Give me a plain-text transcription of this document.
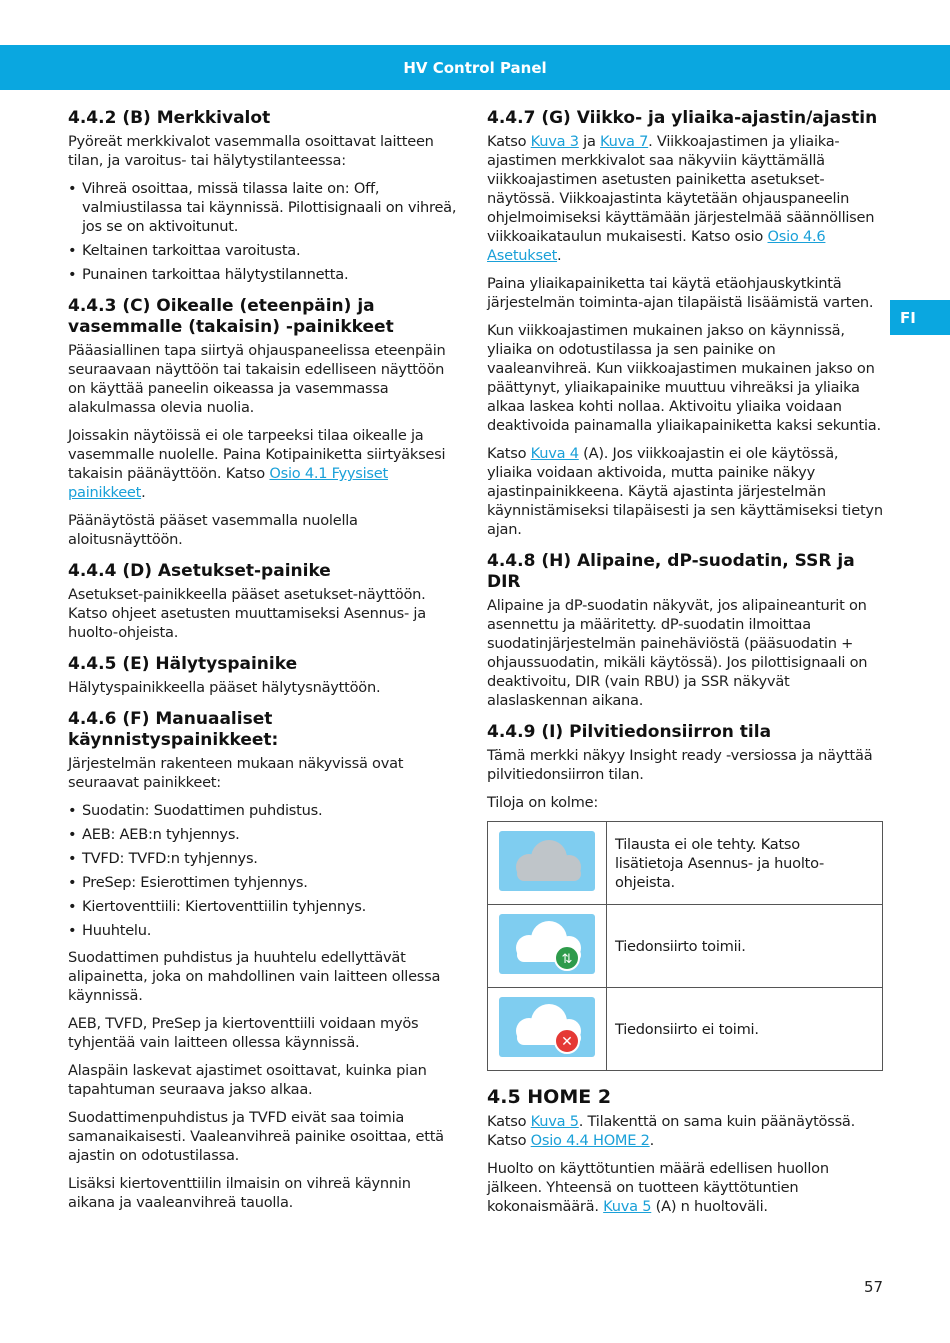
HV Control Panel
FI
4.4.2 (B) Merkkivalot

Pyöreät merkkivalot vasemmalla osoittavat laitteen tilan, ja varoitus- tai hälytystilanteessa:

• Vihreä osoittaa, missä tilassa laite on: Off, valmiustilassa tai käynnissä. Pilottisignaali on vihreä, jos se on aktivoitunut.
• Keltainen tarkoittaa varoitusta.
• Punainen tarkoittaa hälytystilannetta.
4.4.3 (C) Oikealle (eteenpäin) ja vasemmalle (takaisin) -painikkeet

Pääasiallinen tapa siirtyä ohjauspaneelissa eteenpäin seuraavaan näyttöön tai takaisin edelliseen näyttöön on käyttää paneelin oikeassa ja vasemmassa alakulmassa olevia nuolia.

Joissakin näytöissä ei ole tarpeeksi tilaa oikealle ja vasemmalle nuolelle. Paina Kotipainiketta siirtyäksesi takaisin päänäyttöön. Katso Osio 4.1 Fyysiset painikkeet.

Päänäytöstä pääset vasemmalla nuolella aloitusnäyttöön.

4.4.4 (D) Asetukset-painike

Asetukset-painikkeella pääset asetukset-näyttöön. Katso ohjeet asetusten muuttamiseksi Asennus- ja huolto-ohjeista.

4.4.5 (E) Hälytyspainike

Hälytyspainikkeella pääset hälytysnäyttöön.

4.4.6 (F) Manuaaliset käynnistyspainikkeet:

Järjestelmän rakenteen mukaan näkyvissä ovat seuraavat painikkeet:

• Suodatin: Suodattimen puhdistus.
• AEB: AEB:n tyhjennys.
• TVFD: TVFD:n tyhjennys.
• PreSep: Esierottimen tyhjennys.
• Kiertoventtiili: Kiertoventtiilin tyhjennys.
• Huuhtelu.

Suodattimen puhdistus ja huuhtelu edellyttävät alipainetta, joka on mahdollinen vain laitteen ollessa käynnissä.

AEB, TVFD, PreSep ja kiertoventtiili voidaan myös tyhjentää vain laitteen ollessa käynnissä.

Alaspäin laskevat ajastimet osoittavat, kuinka pian tapahtuman seuraava jakso alkaa.

Suodattimenpuhdistus ja TVFD eivät saa toimia samanaikaisesti. Vaaleanvihreä painike osoittaa, että ajastin on odotustilassa.

Lisäksi kiertoventtiilin ilmaisin on vihreä käynnin aikana ja vaaleanvihreä tauolla.

4.4.7 (G) Viikko- ja yliaika-ajastin/ajastin

Katso Kuva 3 ja Kuva 7. Viikkoajastimen ja yliaika-ajastimen merkkivalot saa näkyviin käyttämällä viikkoajastimen asetusten painiketta asetukset-näytössä. Viikkoajastinta käytetään ohjauspaneelin ohjelmoimiseksi käyttämään järjestelmää säännöllisen viikkoaikataulun mukaisesti. Katso osio Osio 4.6 Asetukset.

Paina yliaikapainiketta tai käytä etäohjauskytkintä järjestelmän toiminta-ajan tilapäistä lisäämistä varten.

Kun viikkoajastimen mukainen jakso on käynnissä, yliaika on odotustilassa ja sen painike on vaaleanvihreä. Kun viikkoajastimen mukainen jakso on päättynyt, yliaikapainike muuttuu vihreäksi ja yliaika alkaa laskea kohti nollaa. Aktivoitu yliaika voidaan deaktivoida painamalla yliaikapainiketta kaksi sekuntia.

Katso Kuva 4 (A). Jos viikkoajastin ei ole käytössä, yliaika voidaan aktivoida, mutta painike näkyy ajastinpainikkeena. Käytä ajastinta järjestelmän käynnistämiseksi tilapäisesti ja sen käyttämiseksi tietyn ajan.

4.4.8 (H) Alipaine, dP-suodatin, SSR ja DIR

Alipaine ja dP-suodatin näkyvät, jos alipaineanturit on asennettu ja määritetty. dP-suodatin ilmoittaa suodatinjärjestelmän painehäviöstä (pääsuodatin + ohjaussuodatin, mikäli käytössä). Jos pilottisignaali on deaktivoitu, DIR (vain RBU) ja SSR näkyvät alaslaskennan aikana.

4.4.9 (I) Pilvitiedonsiirron tila

Tämä merkki näkyy Insight ready -versiossa ja näyttää pilvitiedonsiirron tilan.

Tiloja on kolme:

	Tilausta ei ole tehty. Katso lisätietoja Asennus- ja huolto-ohjeista.

⇅	Tiedonsiirto toimii.

✕	Tiedonsiirto ei toimi.
4.5 HOME 2

Katso Kuva 5. Tilakenttä on sama kuin päänäytössä. Katso Osio 4.4 HOME 2.

Huolto on käyttötuntien määrä edellisen huollon jälkeen. Yhteensä on tuotteen käyttötuntien kokonaismäärä. Kuva 5 (A) n huoltoväli.

57
